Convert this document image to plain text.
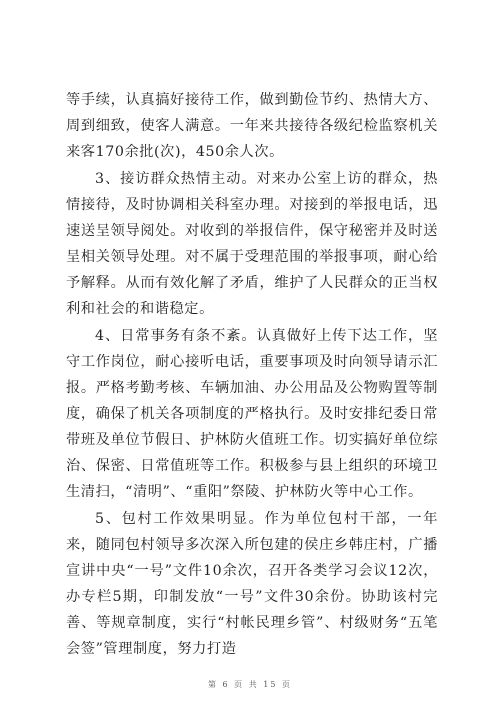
等手续，认真搞好接待工作，做到勤俭节约、热情大方、周到细致，使客人满意。一年来共接待各级纪检监察机关来客170余批(次)，450余人次。

3、接访群众热情主动。对来办公室上访的群众，热情接待，及时协调相关科室办理。对接到的举报电话，迅速送呈领导阅处。对收到的举报信件，保守秘密并及时送呈相关领导处理。对不属于受理范围的举报事项，耐心给予解释。从而有效化解了矛盾，维护了人民群众的正当权利和社会的和谐稳定。

4、日常事务有条不紊。认真做好上传下达工作，坚守工作岗位，耐心接听电话，重要事项及时向领导请示汇报。严格考勤考核、车辆加油、办公用品及公物购置等制度，确保了机关各项制度的严格执行。及时安排纪委日常带班及单位节假日、护林防火值班工作。切实搞好单位综治、保密、日常值班等工作。积极参与县上组织的环境卫生清扫，“清明”、“重阳”祭陵、护林防火等中心工作。

5、包村工作效果明显。作为单位包村干部，一年来，随同包村领导多次深入所包建的侯庄乡韩庄村，广播宣讲中央“一号”文件10余次，召开各类学习会议12次，办专栏5期，印制发放“一号”文件30余份。协助该村完善、等规章制度，实行“村帐民理乡管”、村级财务“五笔会签”管理制度，努力打造

第 6 页 共 15 页
